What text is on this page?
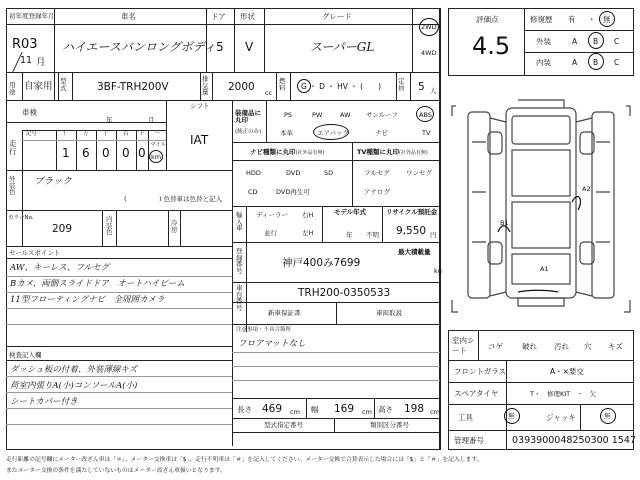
初年度登録年月
R03
11 月
車名
ハイエースバンロングボディ
ドア
5
形状
V
グレード
スーパーGL
2WD
4WD
用途 自家用 型式	3BF-TRH200V
排気量 2000 cc
燃料	G ・ D ・ HV ・ (　　)
定員 5 人
車検
年	月
シフト
IAT
記号	十	万	千	百 十 一
走行	1 6 0 0 0
マイル
km
外装色
ブラック
(　　　　　) 色替車は色替と記入
カラーNo.
209
内装色
冷房
セールスポイント
AW、キーレス、フルセグ
Bカメ、両側スライドドア　オートハイビーム
11型フローティングナビ　全周囲カメラ
検査記入欄
ダッシュ板の付着、外装薄線キズ
荷室内張りA(小)コンソールA(小)
シートカバー付き
装備品に丸印
(純正のみ)
PS	PW	AW サンルーフ	ABS
本革	エアバック	ナビ	TV
ナビ種類に丸印(社外品有無)
HDD	DVD	SD
CD	DVD再生可
TV種類に丸印(社外品有無)
フルセグ	ワンセグ
アナログ
輸入車
ディーラー
並行
右H
左H
モデル年式
年 不明
リサイクル預託金
9,550 円
最大積載量
kg
登録番号
神戸400み7699
車台番号
TRH200-0350533
新車保証書	車両取説
注意事項・不具合箇所
フロアマットなし
長さ 469 cm 幅 169 cm 高さ 198 cm
型式指定番号	類別区分番号
評価点
4.5
修復歴 有 ・ 無
外装	A B C
内装	A B C
A1
A2
B1
室内シート	コゲ	破れ 汚れ 穴 キズ
フロントガラス	A・×要交
スペアタイヤ	T・　修理KIT　・　欠
工具	無	ジャッキ	無
管理番号	0393900048250300 1547
走行距離の記号欄にメーター改ざん車は「＊」、メーター交換車は「$」、走行不明車は「＃」を記入してください。メーター交換で合算表示した場合には「$」と「＃」を記入します。
またメーター交換の条件を満たしていないものはメーター改ざん車扱いとなります。
